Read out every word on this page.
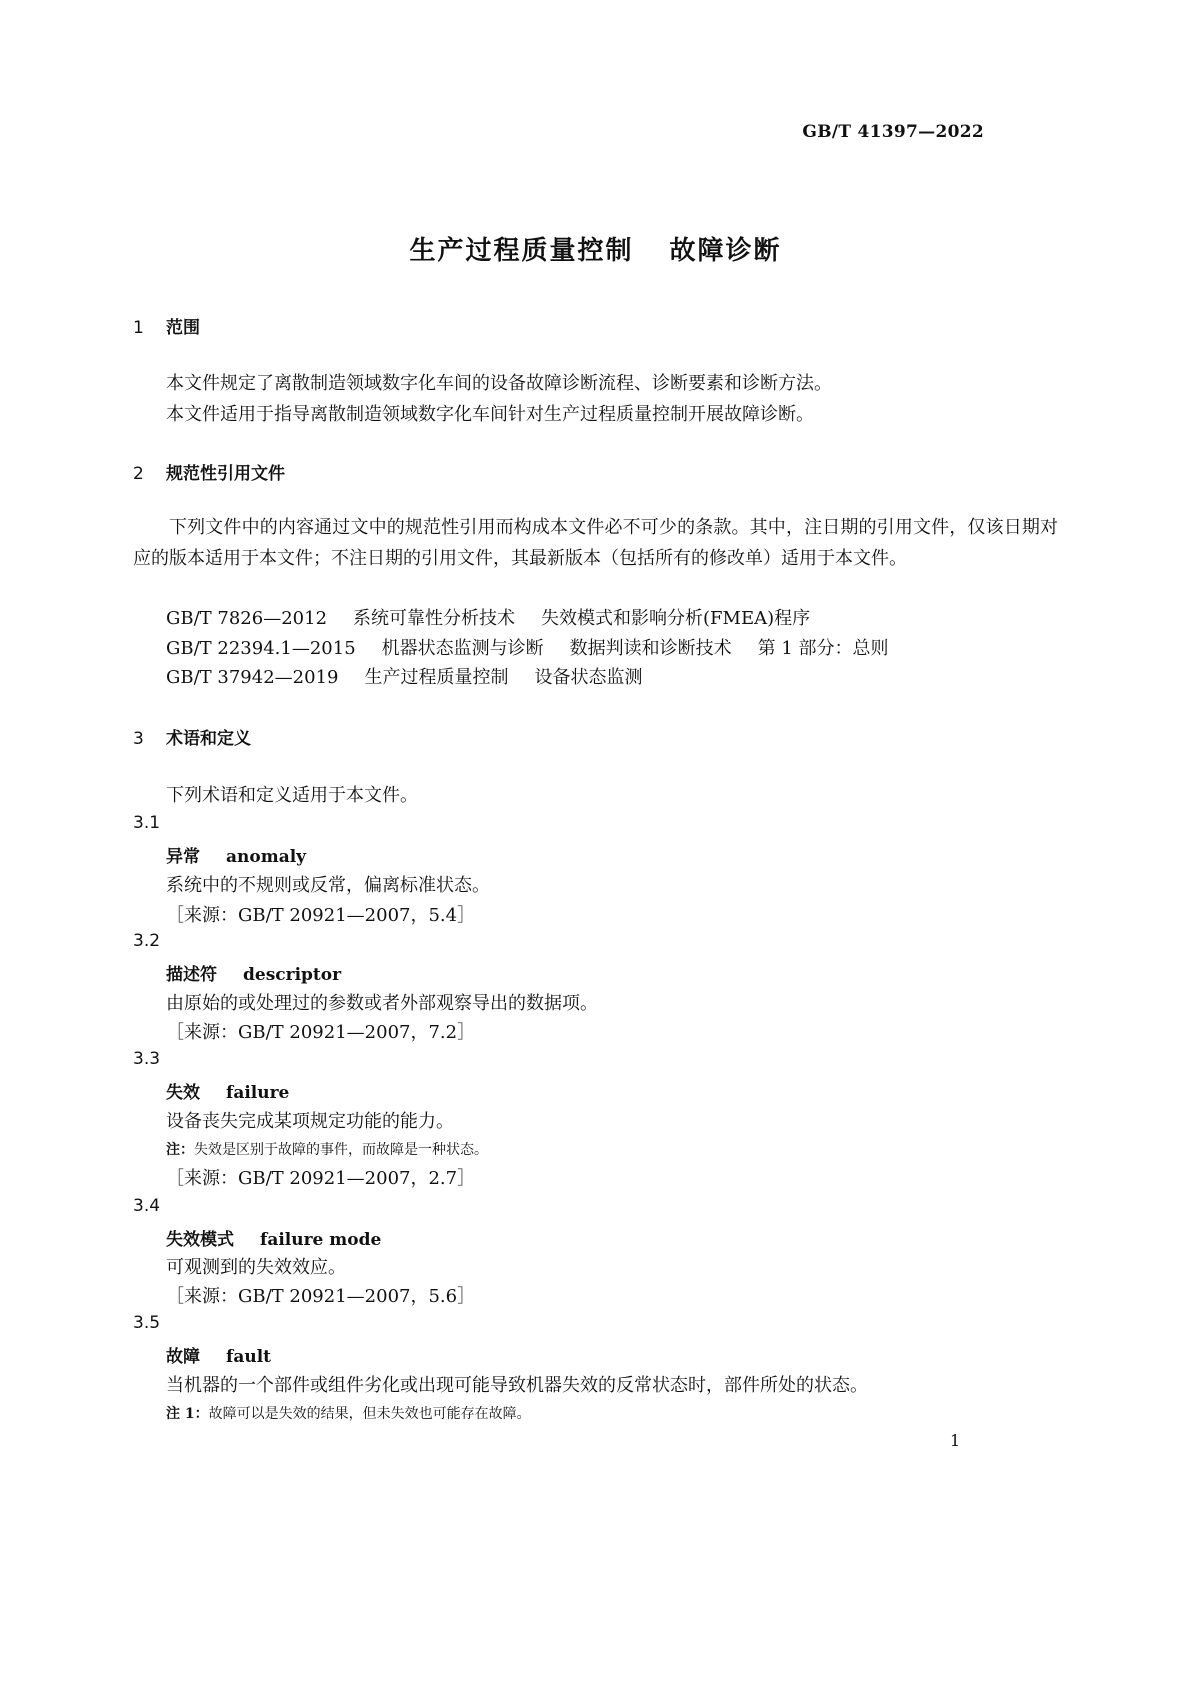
GB/T 41397—2022
生产过程质量控制 故障诊断
1 范围
本文件规定了离散制造领域数字化车间的设备故障诊断流程、诊断要素和诊断方法。
本文件适用于指导离散制造领域数字化车间针对生产过程质量控制开展故障诊断。
2 规范性引用文件
下列文件中的内容通过文中的规范性引用而构成本文件必不可少的条款。其中，注日期的引用文件，仅该日期对应的版本适用于本文件；不注日期的引用文件，其最新版本（包括所有的修改单）适用于本文件。
GB/T 7826—2012 系统可靠性分析技术 失效模式和影响分析(FMEA)程序
GB/T 22394.1—2015 机器状态监测与诊断 数据判读和诊断技术 第 1 部分：总则
GB/T 37942—2019 生产过程质量控制 设备状态监测
3 术语和定义
下列术语和定义适用于本文件。
3.1
异常 anomaly
系统中的不规则或反常，偏离标准状态。
［来源：GB/T 20921—2007，5.4］
3.2
描述符 descriptor
由原始的或处理过的参数或者外部观察导出的数据项。
［来源：GB/T 20921—2007，7.2］
3.3
失效 failure
设备丧失完成某项规定功能的能力。
注：失效是区别于故障的事件，而故障是一种状态。
［来源：GB/T 20921—2007，2.7］
3.4
失效模式 failure mode
可观测到的失效效应。
［来源：GB/T 20921—2007，5.6］
3.5
故障 fault
当机器的一个部件或组件劣化或出现可能导致机器失效的反常状态时，部件所处的状态。
注 1：故障可以是失效的结果，但未失效也可能存在故障。
1
